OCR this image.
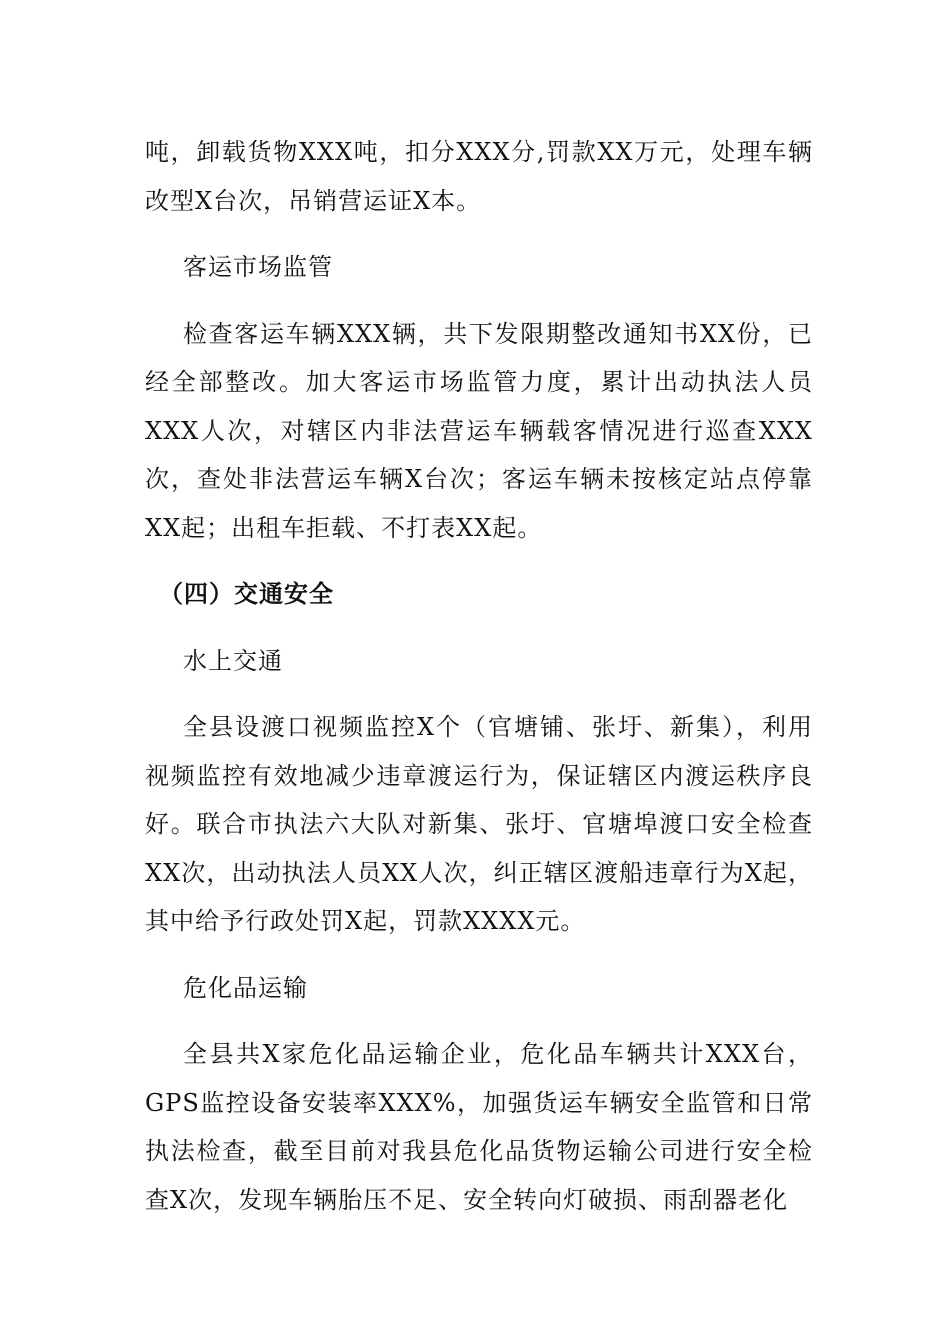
吨，卸载货物XXX吨，扣分XXX分,罚款XX万元，处理车辆改型X台次，吊销营运证X本。

客运市场监管

检查客运车辆XXX辆，共下发限期整改通知书XX份，已经全部整改。加大客运市场监管力度，累计出动执法人员XXX人次，对辖区内非法营运车辆载客情况进行巡查XXX次，查处非法营运车辆X台次；客运车辆未按核定站点停靠XX起；出租车拒载、不打表XX起。

（四）交通安全

水上交通

全县设渡口视频监控X个（官塘铺、张圩、新集），利用视频监控有效地减少违章渡运行为，保证辖区内渡运秩序良好。联合市执法六大队对新集、张圩、官塘埠渡口安全检查XX次，出动执法人员XX人次，纠正辖区渡船违章行为X起，其中给予行政处罚X起，罚款XXXX元。

危化品运输

全县共X家危化品运输企业，危化品车辆共计XXX台，GPS监控设备安装率XXX%，加强货运车辆安全监管和日常执法检查，截至目前对我县危化品货物运输公司进行安全检查X次，发现车辆胎压不足、安全转向灯破损、雨刮器老化
